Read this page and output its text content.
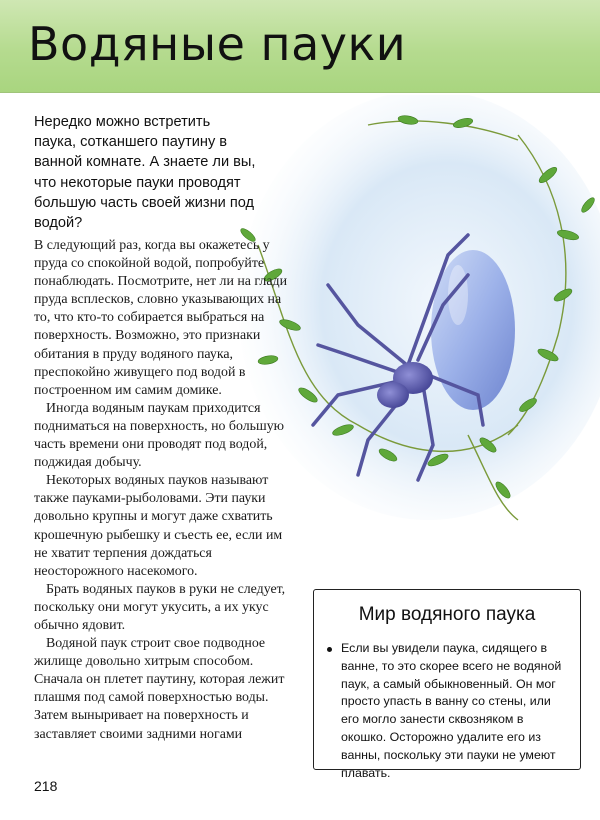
Водяные пауки
Нередко можно встретить паука, сотканшего паутину в ванной комнате. А знаете ли вы, что некоторые пауки проводят большую часть своей жизни под водой?

В следующий раз, когда вы окажетесь у пруда со спокойной водой, попробуйте понаблюдать. Посмотрите, нет ли на глади пруда всплесков, словно указывающих на то, что кто-то собирается выбраться на поверхность. Возможно, это признаки обитания в пруду водяного паука, преспокойно живущего под водой в построенном им самим домике.

Иногда водяным паукам приходится подниматься на поверхность, но большую часть времени они проводят под водой, поджидая добычу.

Некоторых водяных пауков называют также пауками-рыболовами. Эти пауки довольно крупны и могут даже схватить крошечную рыбешку и съесть ее, если им не хватит терпения дождаться неосторожного насекомого.

Брать водяных пауков в руки не следует, поскольку они могут укусить, а их укус обычно ядовит.

Водяной паук строит свое подводное жилище довольно хитрым способом. Сначала он плетет паутину, которая лежит плашмя под самой поверхностью воды. Затем выныривает на поверхность и заставляет своими задними ногами

Мир водяного паука
Если вы увидели паука, сидящего в ванне, то это скорее всего не водяной паук, а самый обыкновенный. Он мог просто упасть в ванну со стены, или его могло занести сквозняком в окошко. Осторожно удалите его из ванны, поскольку эти пауки не умеют плавать.
218
